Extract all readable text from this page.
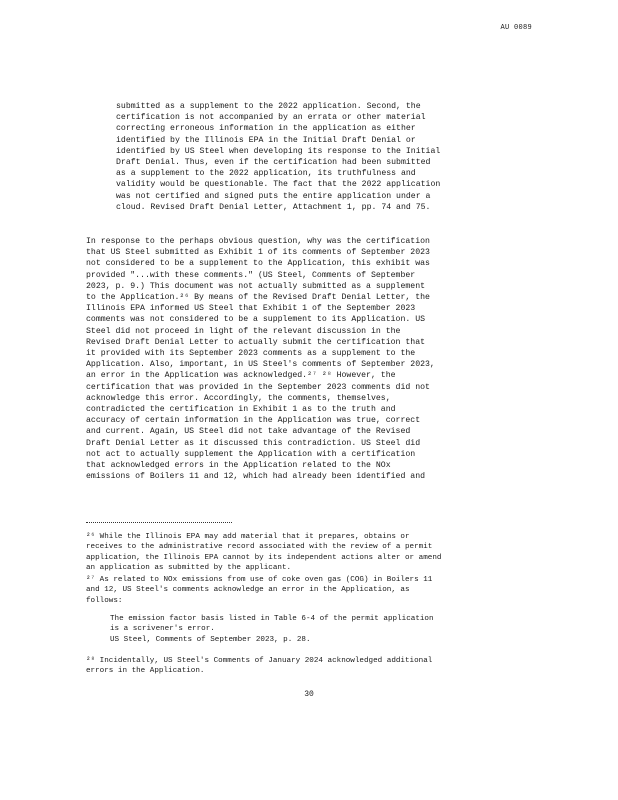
AU 0089

submitted as a supplement to the 2022 application. Second, the

certification is not accompanied by an errata or other material

correcting erroneous information in the application as either

identified by the Illinois EPA in the Initial Draft Denial or

identified by US Steel when developing its response to the Initial

Draft Denial. Thus, even if the certification had been submitted

as a supplement to the 2022 application, its truthfulness and

validity would be questionable. The fact that the 2022 application

was not certified and signed puts the entire application under a

cloud. Revised Draft Denial Letter, Attachment 1, pp. 74 and 75.

In response to the perhaps obvious question, why was the certification

that US Steel submitted as Exhibit 1 of its comments of September 2023

not considered to be a supplement to the Application, this exhibit was

provided "...with these comments." (US Steel, Comments of September

2023, p. 9.) This document was not actually submitted as a supplement

to the Application.²⁶ By means of the Revised Draft Denial Letter, the

Illinois EPA informed US Steel that Exhibit 1 of the September 2023

comments was not considered to be a supplement to its Application. US

Steel did not proceed in light of the relevant discussion in the

Revised Draft Denial Letter to actually submit the certification that

it provided with its September 2023 comments as a supplement to the

Application. Also, important, in US Steel's comments of September 2023,

an error in the Application was acknowledged.²⁷ ²⁸ However, the

certification that was provided in the September 2023 comments did not

acknowledge this error. Accordingly, the comments, themselves,

contradicted the certification in Exhibit 1 as to the truth and

accuracy of certain information in the Application was true, correct

and current. Again, US Steel did not take advantage of the Revised

Draft Denial Letter as it discussed this contradiction. US Steel did

not act to actually supplement the Application with a certification

that acknowledged errors in the Application related to the NOx

emissions of Boilers 11 and 12, which had already been identified and

²⁶ While the Illinois EPA may add material that it prepares, obtains or

receives to the administrative record associated with the review of a permit

application, the Illinois EPA cannot by its independent actions alter or amend

an application as submitted by the applicant.

²⁷ As related to NOx emissions from use of coke oven gas (COG) in Boilers 11

and 12, US Steel's comments acknowledge an error in the Application, as

follows:

The emission factor basis listed in Table 6-4 of the permit application

is a scrivener's error.

US Steel, Comments of September 2023, p. 28.

²⁸ Incidentally, US Steel's Comments of January 2024 acknowledged additional

errors in the Application.

30
